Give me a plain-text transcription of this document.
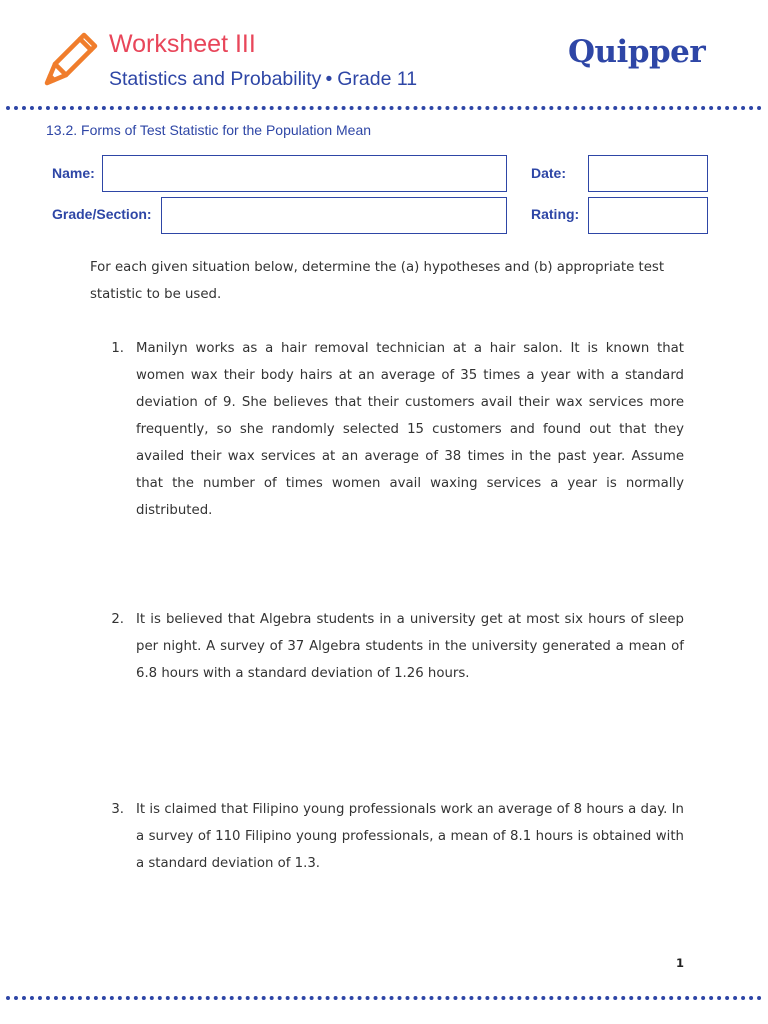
Worksheet III
Statistics and Probability • Grade 11
Quipper
13.2. Forms of Test Statistic for the Population Mean
Name:	Date:
Grade/Section:	Rating:
For each given situation below, determine the (a) hypotheses and (b) appropriate test statistic to be used.
1. Manilyn works as a hair removal technician at a hair salon. It is known that women wax their body hairs at an average of 35 times a year with a standard deviation of 9. She believes that their customers avail their wax services more frequently, so she randomly selected 15 customers and found out that they availed their wax services at an average of 38 times in the past year. Assume that the number of times women avail waxing services a year is normally distributed.
2. It is believed that Algebra students in a university get at most six hours of sleep per night. A survey of 37 Algebra students in the university generated a mean of 6.8 hours with a standard deviation of 1.26 hours.
3. It is claimed that Filipino young professionals work an average of 8 hours a day. In a survey of 110 Filipino young professionals, a mean of 8.1 hours is obtained with a standard deviation of 1.3.
1
